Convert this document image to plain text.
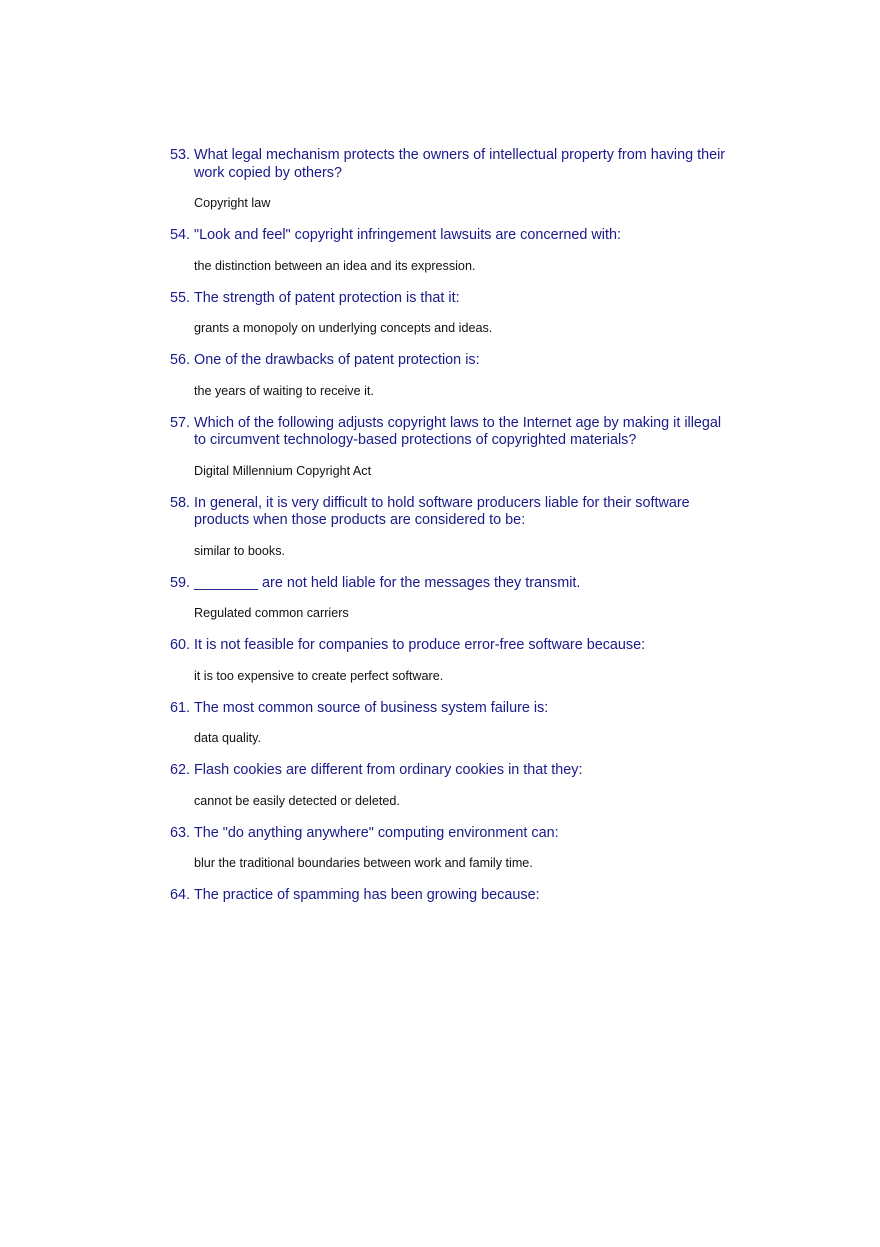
53. What legal mechanism protects the owners of intellectual property from having their work copied by others?
Copyright law
54. "Look and feel" copyright infringement lawsuits are concerned with:
the distinction between an idea and its expression.
55. The strength of patent protection is that it:
grants a monopoly on underlying concepts and ideas.
56. One of the drawbacks of patent protection is:
the years of waiting to receive it.
57. Which of the following adjusts copyright laws to the Internet age by making it illegal to circumvent technology-based protections of copyrighted materials?
Digital Millennium Copyright Act
58. In general, it is very difficult to hold software producers liable for their software products when those products are considered to be:
similar to books.
59. ________ are not held liable for the messages they transmit.
Regulated common carriers
60. It is not feasible for companies to produce error-free software because:
it is too expensive to create perfect software.
61. The most common source of business system failure is:
data quality.
62. Flash cookies are different from ordinary cookies in that they:
cannot be easily detected or deleted.
63. The "do anything anywhere" computing environment can:
blur the traditional boundaries between work and family time.
64. The practice of spamming has been growing because:
